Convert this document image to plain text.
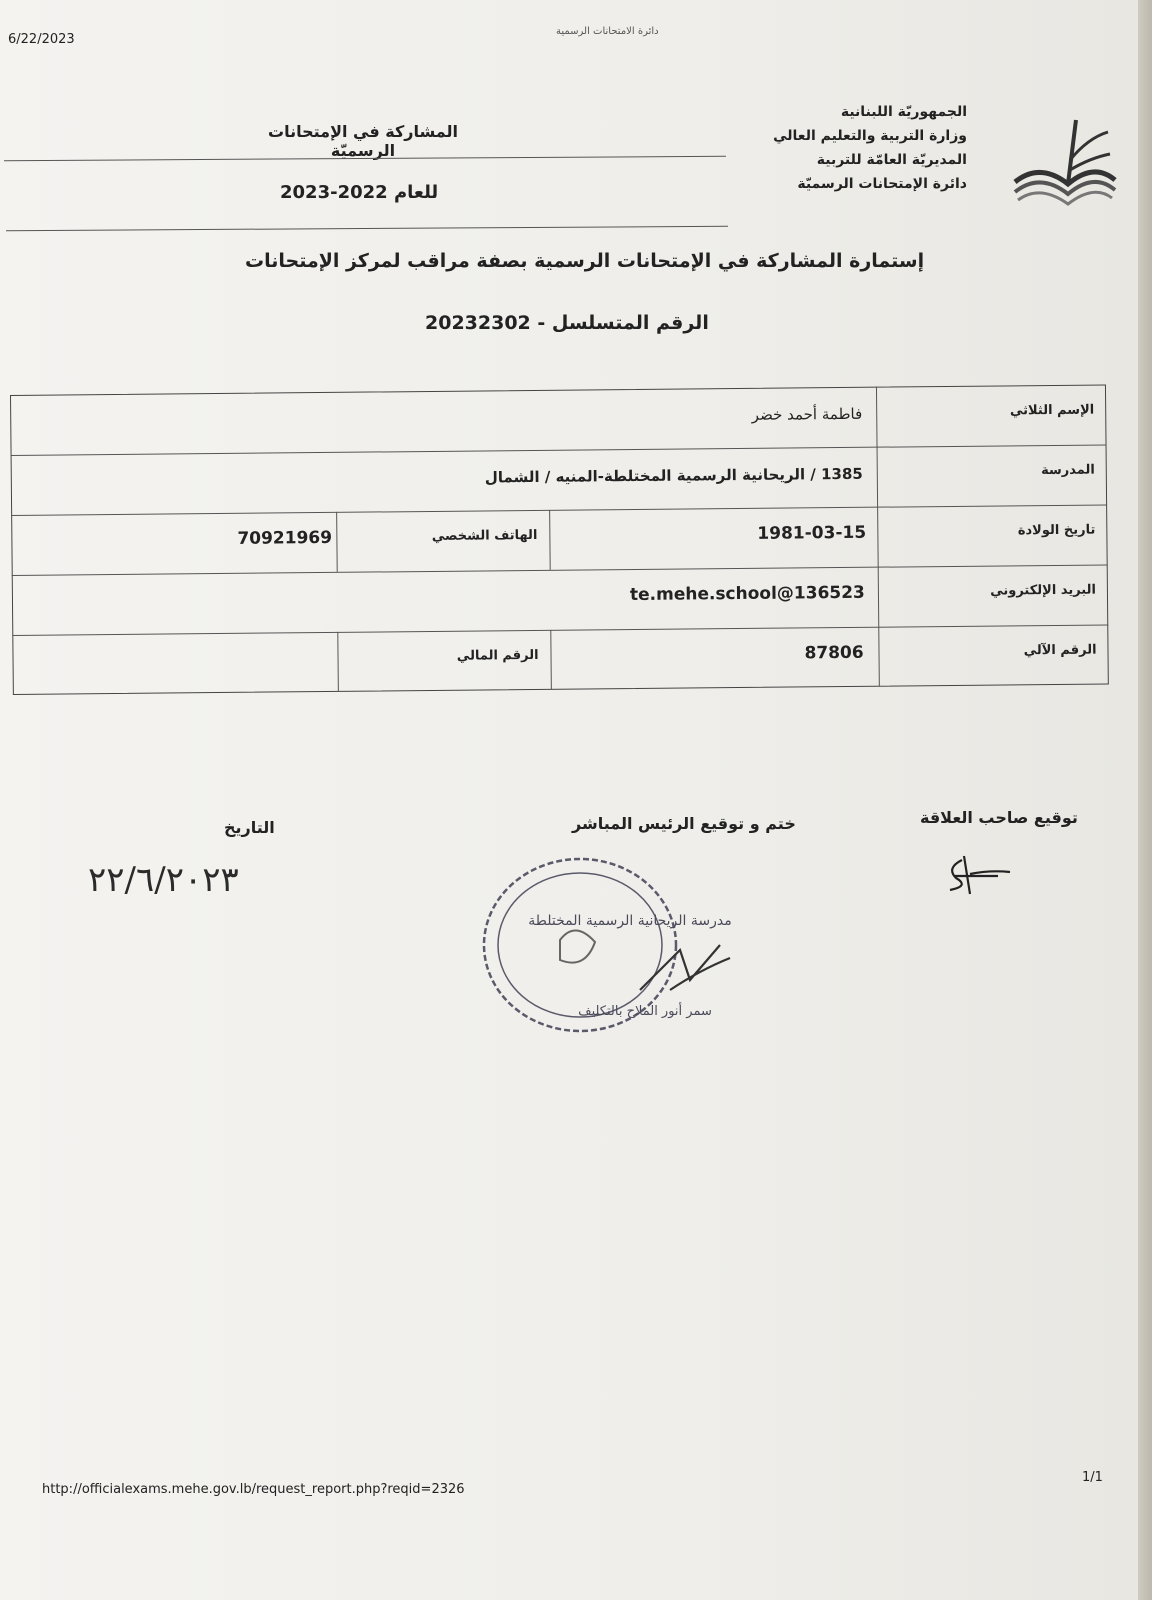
6/22/2023
دائرة الامتحانات الرسمية
الجمهوريّة اللبنانية
وزارة التربية والتعليم العالي
المديريّة العامّة للتربية
دائرة الإمتحانات الرسميّة
المشاركة في الإمتحانات الرسميّة
للعام 2022-2023
إستمارة المشاركة في الإمتحانات الرسمية بصفة مراقب لمركز الإمتحانات
الرقم المتسلسل - 20232302
الإسم الثلاثي
فاطمة أحمد خضر
المدرسة
1385 / الريحانية الرسمية المختلطة-المنيه / الشمال
تاريخ الولادة
1981-03-15
الهاتف الشخصي
70921969
البريد الإلكتروني
te.mehe.school@136523
الرقم الآلي
87806
الرقم المالي
توقيع صاحب العلاقة
ختم و توقيع الرئيس المباشر
التاريخ
٢٢/٦/٢٠٢٣
مدرسة الريحانية الرسمية المختلطة
سمر أنور الملاح بالتكليف
http://officialexams.mehe.gov.lb/request_report.php?reqid=2326
1/1
